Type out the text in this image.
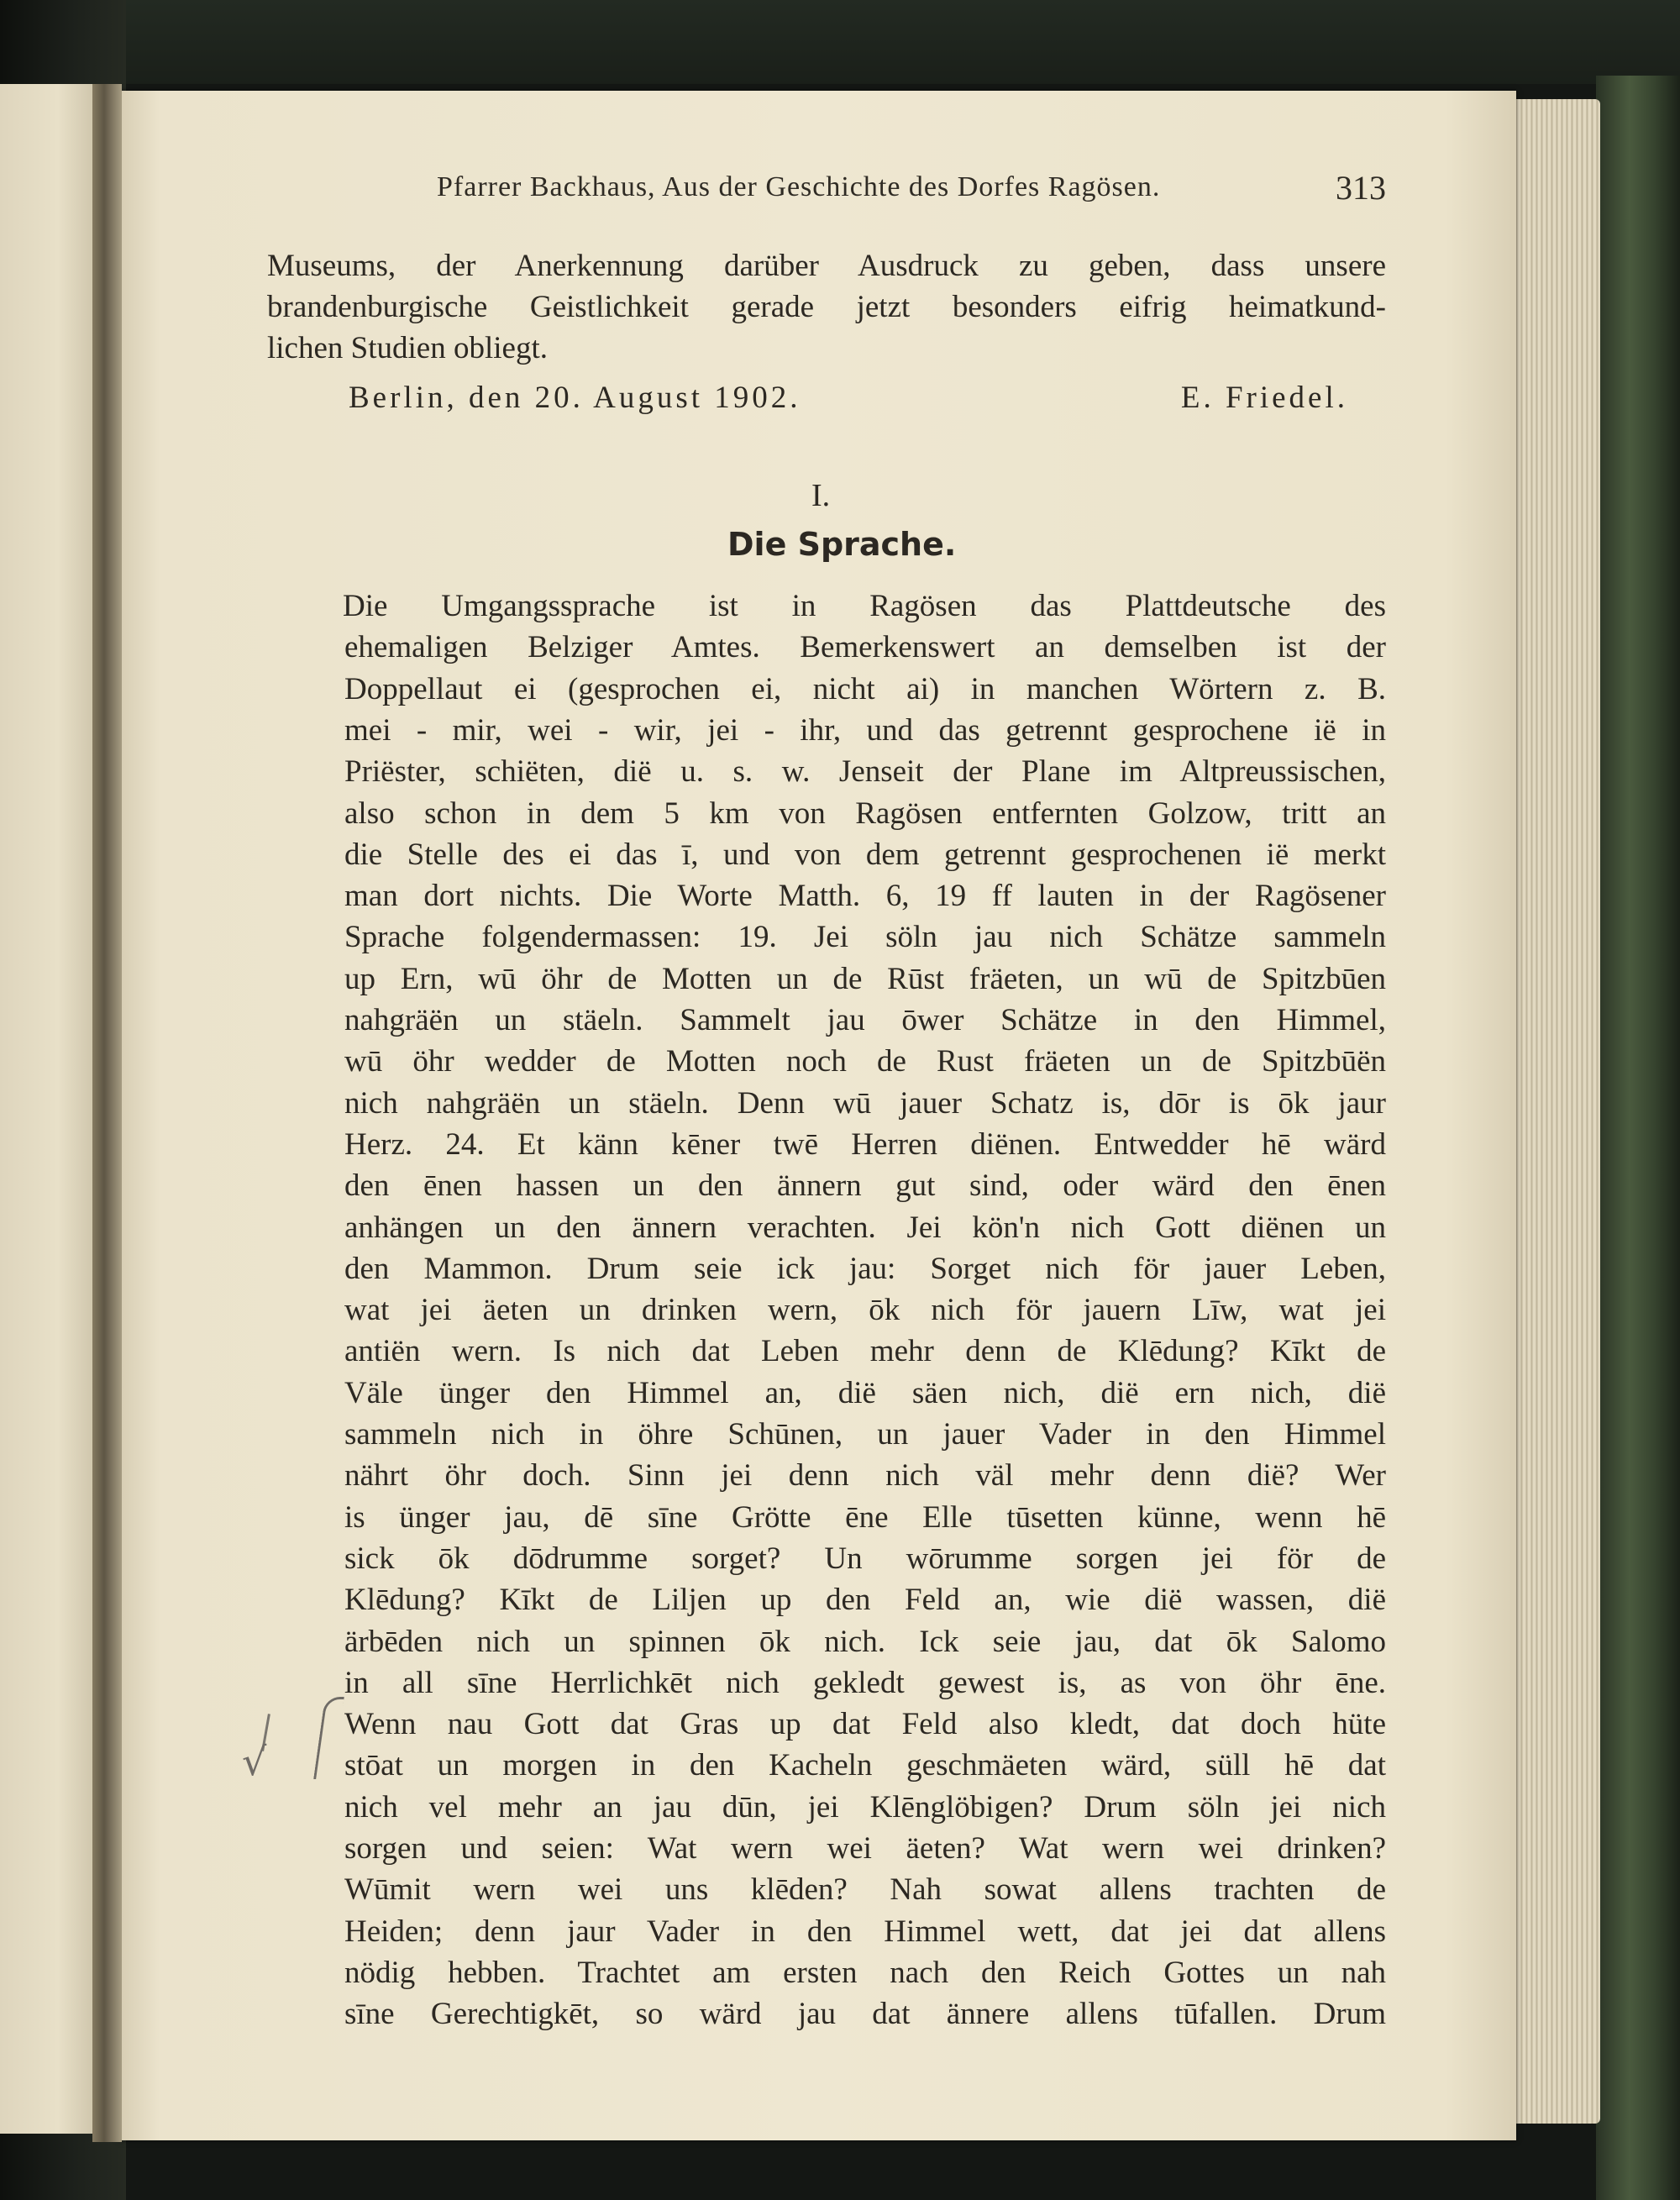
Pfarrer Backhaus, Aus der Geschichte des Dorfes Ragösen.	313
Museums, der Anerkennung darüber Ausdruck zu geben, dass unsere
brandenburgische Geistlichkeit gerade jetzt besonders eifrig heimatkund-
lichen Studien obliegt.
Berlin, den 20. August 1902.	E. Friedel.
I.
Die Sprache.
Die Umgangssprache ist in Ragösen das Plattdeutsche des
ehemaligen Belziger Amtes. Bemerkenswert an demselben ist der
Doppellaut ei (gesprochen ei, nicht ai) in manchen Wörtern z. B.
mei - mir, wei - wir, jei - ihr, und das getrennt gesprochene ië in
Priëster, schiëten, dië u. s. w. Jenseit der Plane im Altpreussischen,
also schon in dem 5 km von Ragösen entfernten Golzow, tritt an
die Stelle des ei das ī, und von dem getrennt gesprochenen ië merkt
man dort nichts. Die Worte Matth. 6, 19 ff lauten in der Ragösener
Sprache folgendermassen: 19. Jei söln jau nich Schätze sammeln
up Ern, wū öhr de Motten un de Rūst fräeten, un wū de Spitzbūen
nahgräën un stäeln. Sammelt jau ōwer Schätze in den Himmel,
wū öhr wedder de Motten noch de Rust fräeten un de Spitzbūën
nich nahgräën un stäeln. Denn wū jauer Schatz is, dōr is ōk jaur
Herz. 24. Et känn kēner twē Herren diënen. Entwedder hē wärd
den ēnen hassen un den ännern gut sind, oder wärd den ēnen
anhängen un den ännern verachten. Jei kön'n nich Gott diënen un
den Mammon. Drum seie ick jau: Sorget nich för jauer Leben,
wat jei äeten un drinken wern, ōk nich för jauern Līw, wat jei
antiën wern. Is nich dat Leben mehr denn de Klēdung? Kīkt de
Väle ünger den Himmel an, dië säen nich, dië ern nich, dië
sammeln nich in öhre Schūnen, un jauer Vader in den Himmel
nährt öhr doch. Sinn jei denn nich väl mehr denn dië? Wer
is ünger jau, dē sīne Grötte ēne Elle tūsetten künne, wenn hē
sick ōk dōdrumme sorget? Un wōrumme sorgen jei för de
Klēdung? Kīkt de Liljen up den Feld an, wie dië wassen, dië
ärbēden nich un spinnen ōk nich. Ick seie jau, dat ōk Salomo
in all sīne Herrlichkēt nich gekledt gewest is, as von öhr ēne.
Wenn nau Gott dat Gras up dat Feld also kledt, dat doch hüte
stōat un morgen in den Kacheln geschmäeten wärd, süll hē dat
nich vel mehr an jau dūn, jei Klēnglöbigen? Drum söln jei nich
sorgen und seien: Wat wern wei äeten? Wat wern wei drinken?
Wūmit wern wei uns klēden? Nah sowat allens trachten de
Heiden; denn jaur Vader in den Himmel wett, dat jei dat allens
nödig hebben. Trachtet am ersten nach den Reich Gottes un nah
sīne Gerechtigkēt, so wärd jau dat ännere allens tūfallen. Drum
√
